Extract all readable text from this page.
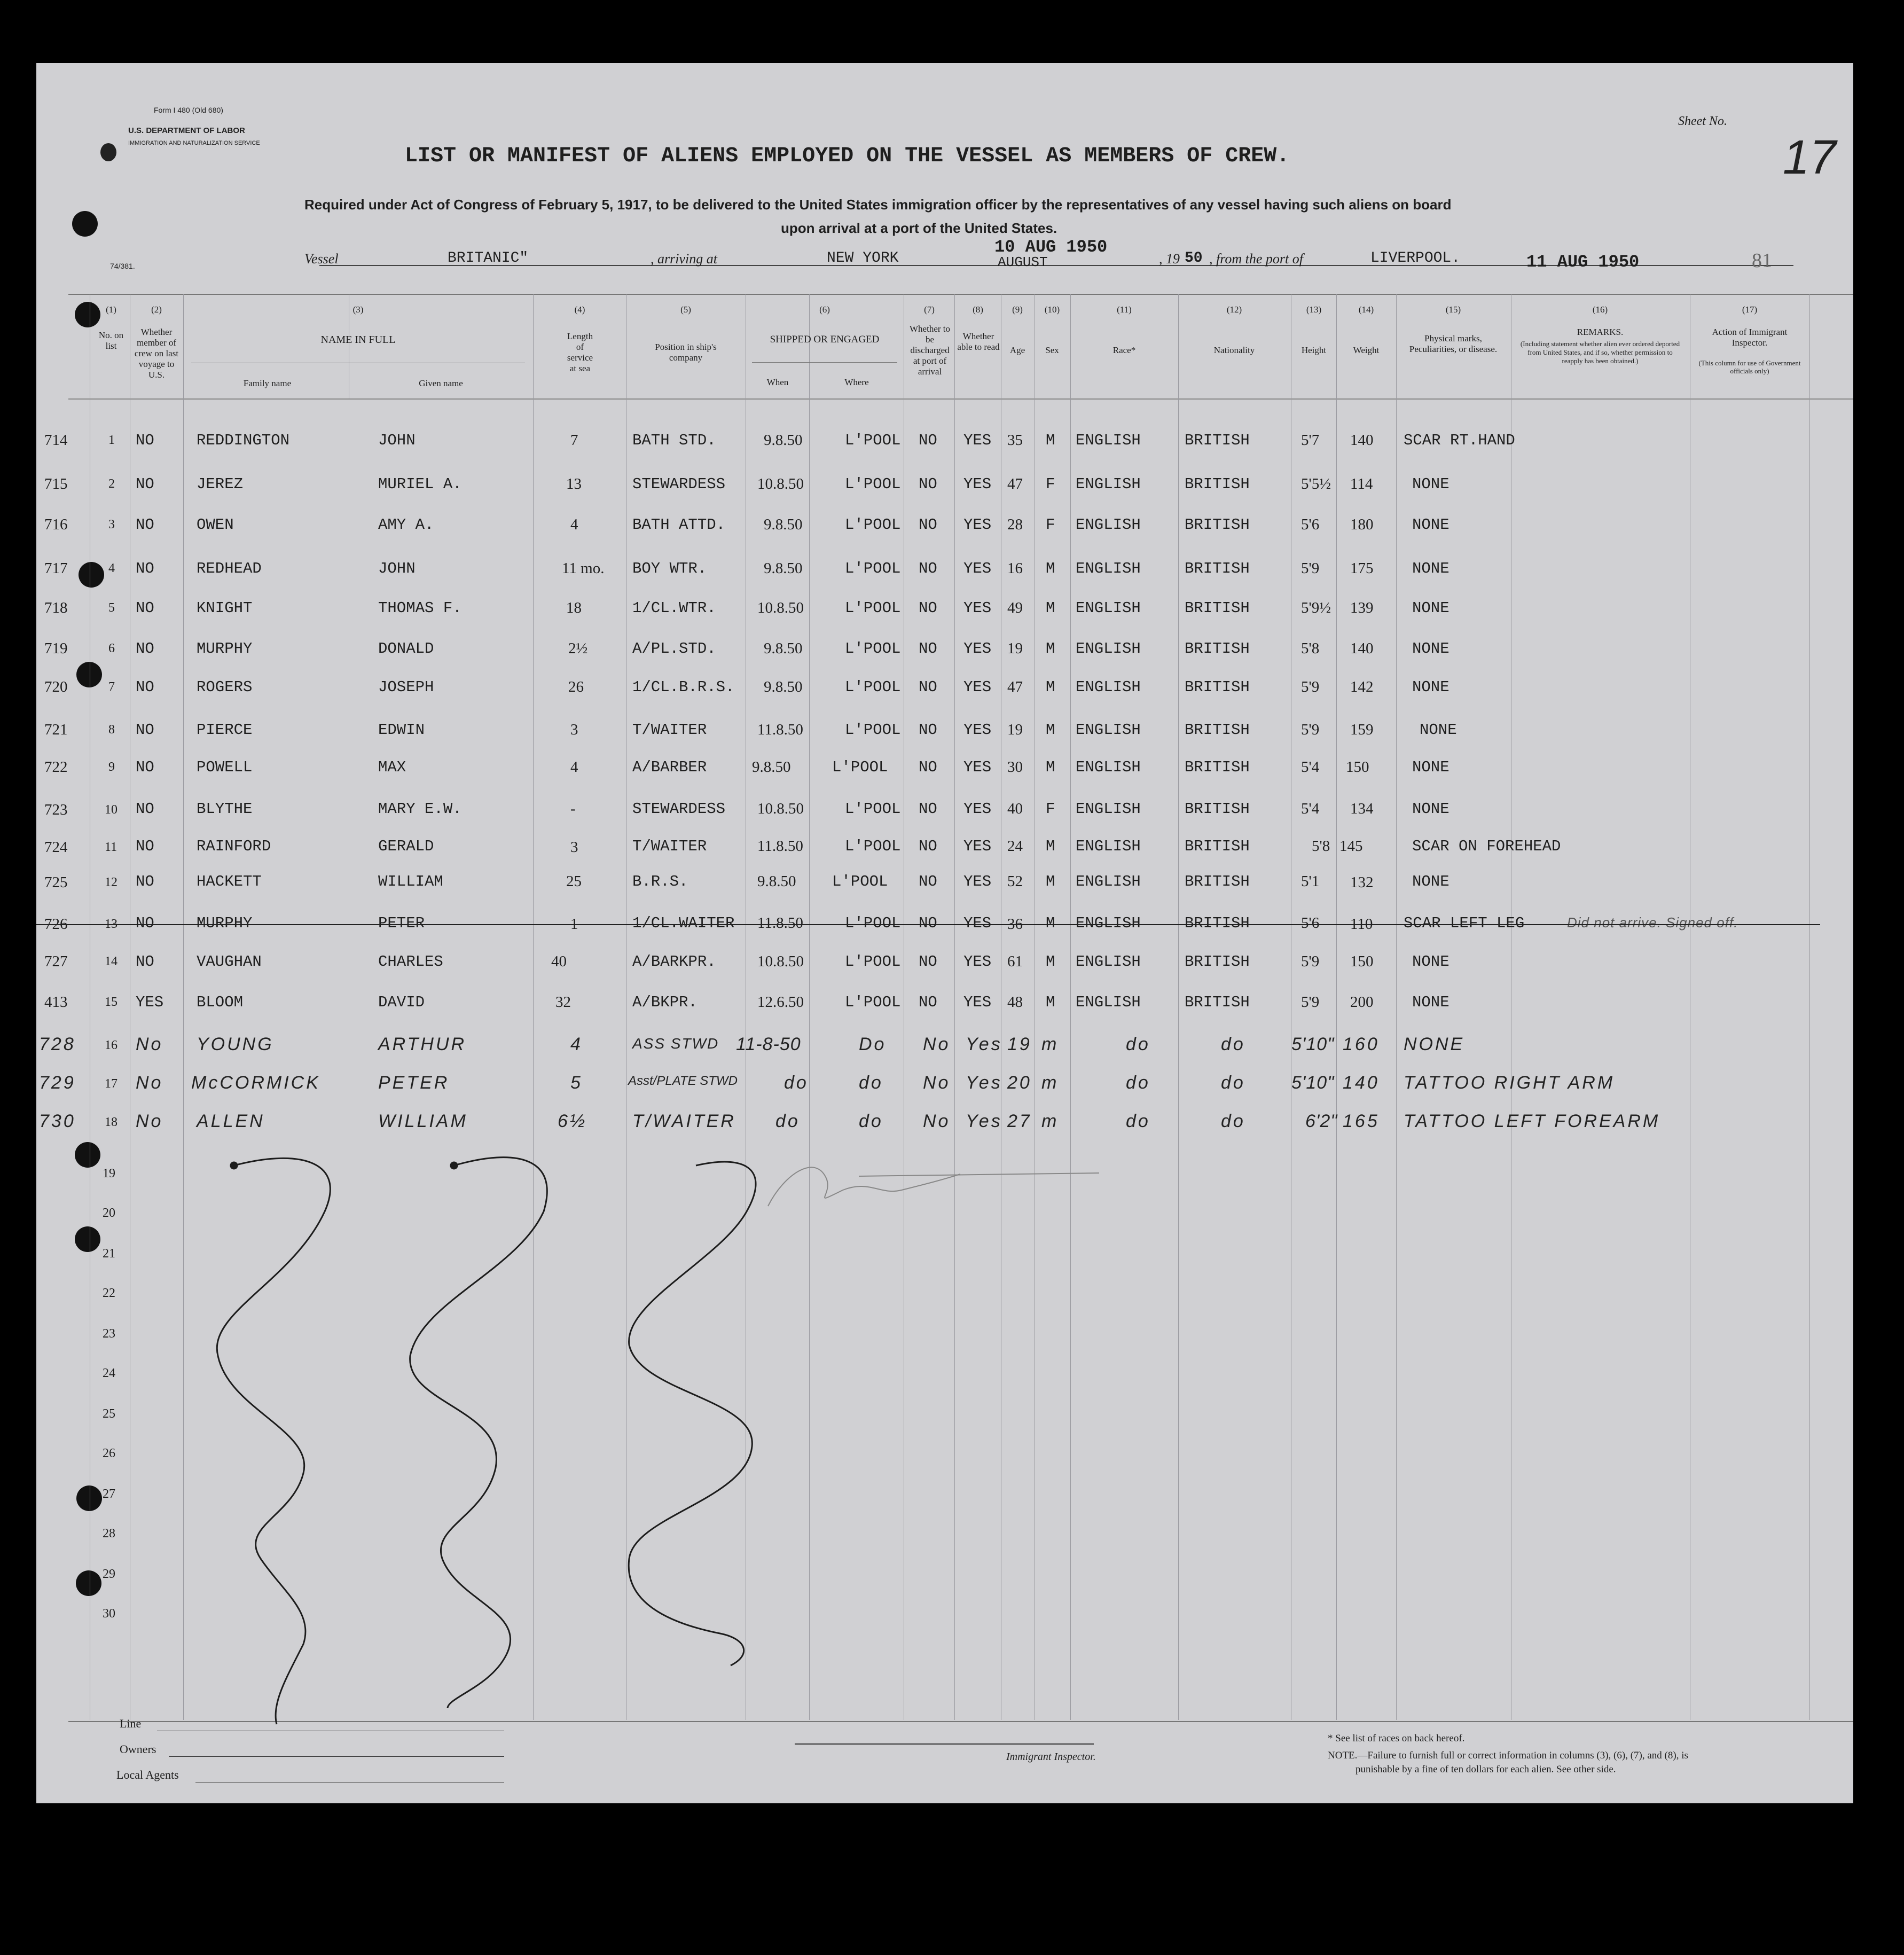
Form I 480 (Old 680)
U.S. DEPARTMENT OF LABOR
IMMIGRATION AND NATURALIZATION SERVICE
74/381.
Sheet No.
17
LIST OR MANIFEST OF ALIENS EMPLOYED ON THE VESSEL AS MEMBERS OF CREW.
Required under Act of Congress of February 5, 1917, to be delivered to the United States immigration officer by the representatives of any vessel having such aliens on board
upon arrival at a port of the United States.
Vessel	BRITANIC"	, arriving at	NEW YORK
10 AUG 1950
AUGUST	, 19 50 , from the port of	LIVERPOOL.	11 AUG 1950	81
(1)
No. on list
(2)
Whether member of crew on last voyage to U.S.
(3)
NAME IN FULL
Family name	Given name
(4)
Length of service at sea
(5)
Position in ship's company
(6)
SHIPPED OR ENGAGED
When	Where
(7)
Whether to be discharged at port of arrival
(8)
Whether able to read
(9)
Age
(10)
Sex
(11)
Race*
(12)
Nationality
(13)
Height
(14)
Weight
(15)
Physical marks, Peculiarities, or disease.
(16)
REMARKS.
(Including statement whether alien ever ordered deported from United States, and if so, whether permission to reapply has been obtained.)
(17)
Action of Immigrant Inspector.
(This column for use of Government officials only)
714	1 NO	REDDINGTON	JOHN	7	BATH STD.	9.8.50	L'POOL NO YES 35 M ENGLISH	BRITISH	5'7 140 SCAR RT.HAND
715	2 NO	JEREZ	MURIEL A.	13	STEWARDESS 10.8.50	L'POOL NO YES 47 F ENGLISH	BRITISH	5'5½ 114	NONE
716	3 NO	OWEN	AMY A.	4	BATH ATTD. 9.8.50	L'POOL NO YES 28 F ENGLISH	BRITISH	5'6 180	NONE
717	4 NO	REDHEAD	JOHN	11 mo. BOY WTR.	9.8.50	L'POOL NO YES 16 M ENGLISH	BRITISH	5'9 175	NONE
718	5 NO	KNIGHT	THOMAS F.	18	1/CL.WTR.	10.8.50	L'POOL NO YES 49 M ENGLISH	BRITISH	5'9½ 139	NONE
719	6 NO	MURPHY	DONALD	2½	A/PL.STD.	9.8.50	L'POOL NO YES 19 M ENGLISH	BRITISH	5'8 140	NONE
720	7 NO	ROGERS	JOSEPH	26	1/CL.B.R.S. 9.8.50	L'POOL NO YES 47 M ENGLISH	BRITISH	5'9 142	NONE
721	8 NO	PIERCE	EDWIN	3	T/WAITER	11.8.50	L'POOL NO YES 19 M ENGLISH	BRITISH	5'9 159	NONE
722	9 NO	POWELL	MAX	4	A/BARBER	9.8.50	L'POOL NO YES 30 M ENGLISH	BRITISH	5'4 150	NONE
723	10 NO	BLYTHE	MARY E.W.	-	STEWARDESS 10.8.50	L'POOL NO YES 40 F ENGLISH	BRITISH	5'4 134	NONE
724	11 NO	RAINFORD	GERALD	3	T/WAITER	11.8.50	L'POOL NO YES 24 M ENGLISH	BRITISH	5'8 145	SCAR ON FOREHEAD
725	12 NO	HACKETT	WILLIAM	25	B.R.S.	9.8.50 L'POOL NO YES 52 M ENGLISH	BRITISH	5'1 132	NONE
726	13 NO	MURPHY	PETER	1	1/CL.WAITER 11.8.50	L'POOL NO YES 36 M ENGLISH	BRITISH	5'6 110 SCAR LEFT LEG	Did not arrive. Signed off.
727	14 NO	VAUGHAN	CHARLES	40	A/BARKPR.	10.8.50	L'POOL NO YES 61 M ENGLISH	BRITISH	5'9 150	NONE
413	15 YES BLOOM	DAVID	32	A/BKPR.	12.6.50	L'POOL NO YES 48 M ENGLISH	BRITISH	5'9 200	NONE
728 16 No YOUNG	ARTHUR	4	ASS STWD 11-8-50	Do No Yes 19 m	do	do	5'10" 160 NONE
729 17 No McCORMICK	PETER	5	Asst/PLATE STWD	do	do No Yes 20 m	do	do	5'10" 140 TATTOO RIGHT ARM
730 18 No ALLEN	WILLIAM	6½ T/WAITER do	do No Yes 27 m	do	do	6'2" 165 TATTOO LEFT FOREARM
19
20
21
22
23
24
25
26
27
28
29
30
Line
Owners
Local Agents
Immigrant Inspector.
* See list of races on back hereof.
NOTE.—Failure to furnish full or correct information in columns (3), (6), (7), and (8), is
punishable by a fine of ten dollars for each alien. See other side.
